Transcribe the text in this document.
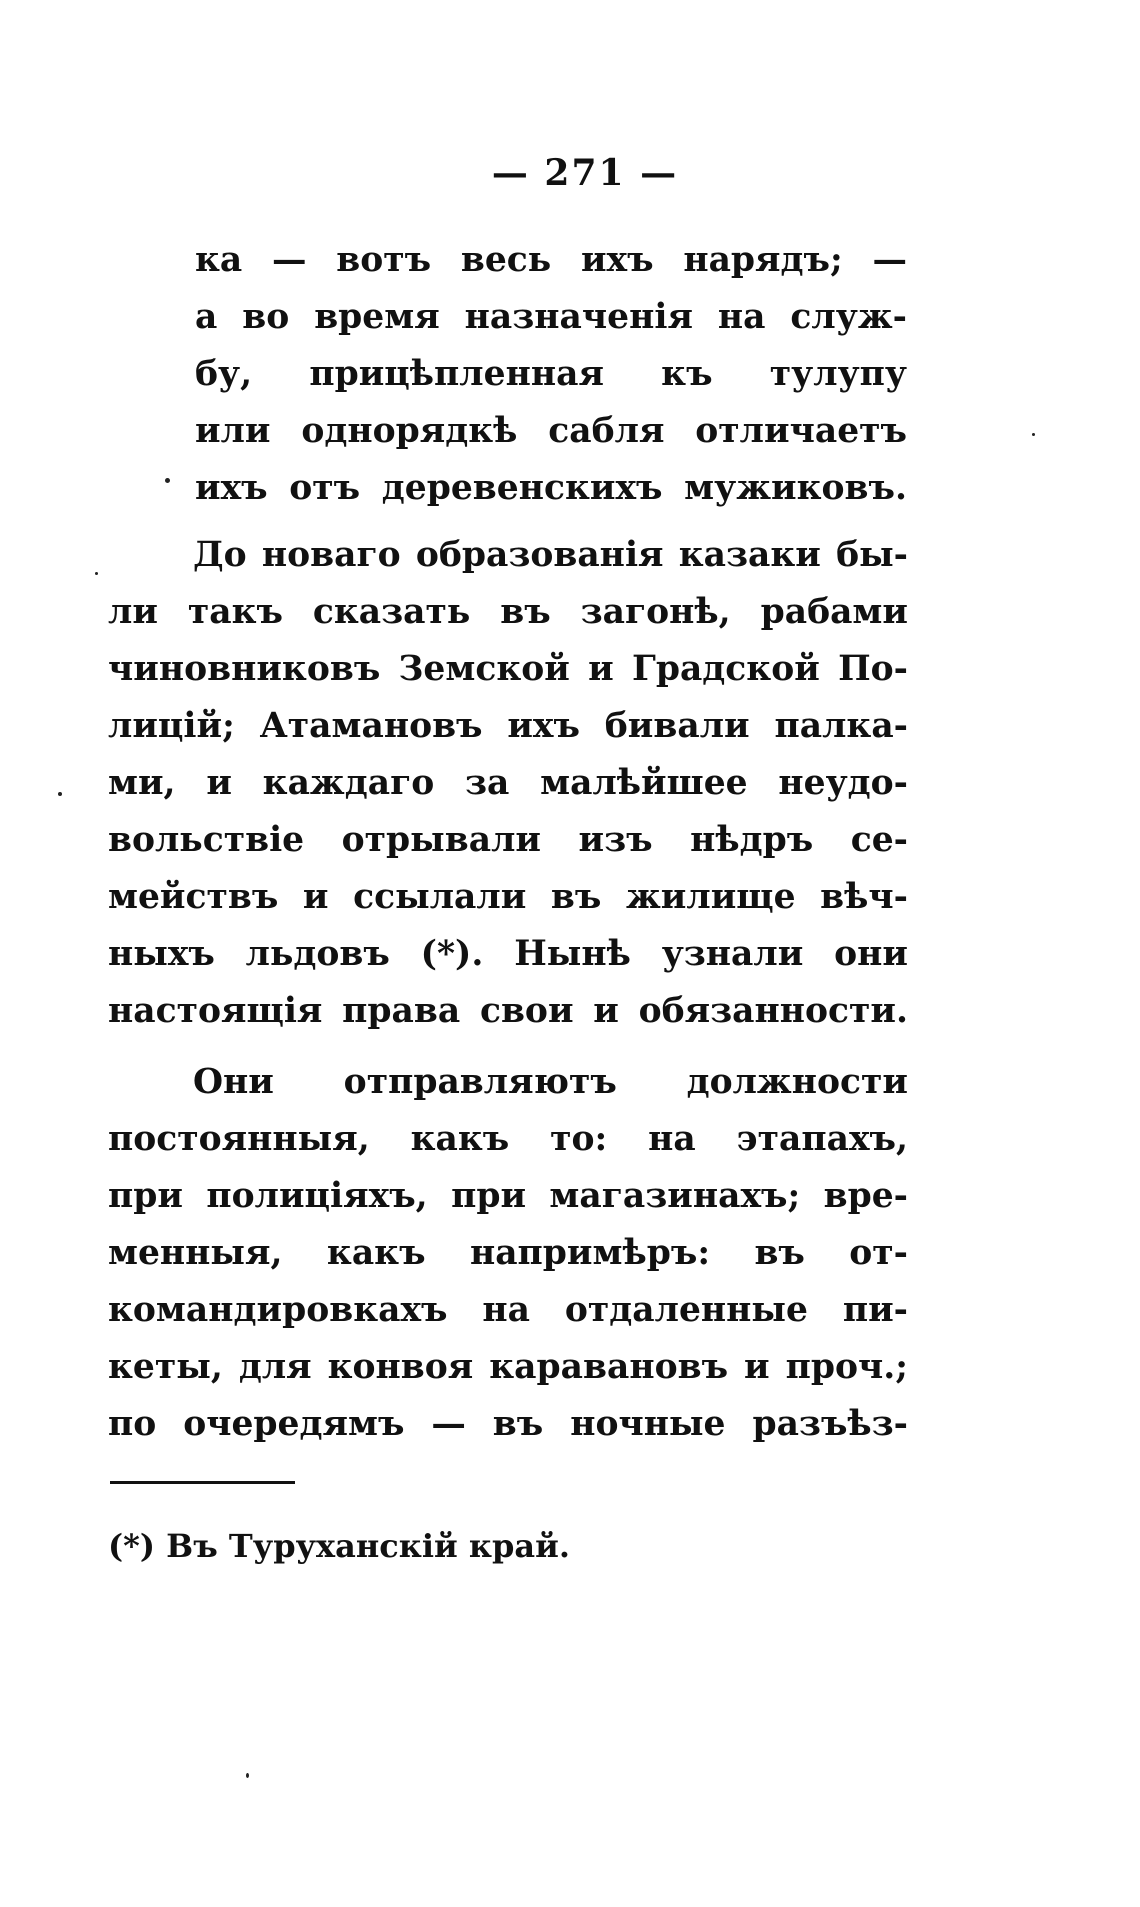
— 271 —
ка — вотъ весь ихъ нарядъ; —
а во время назначенія на служ-
бу, прицѣпленная къ тулупу
или однорядкѣ сабля отличаетъ
ихъ отъ деревенскихъ мужиковъ.
До новаго образованія казаки бы-
ли такъ сказать въ загонѣ, рабами
чиновниковъ Земской и Градской По-
лицій; Атамановъ ихъ бивали палка-
ми, и каждаго за малѣйшее неудо-
вольствіе отрывали изъ нѣдръ се-
мействъ и ссылали въ жилище вѣч-
ныхъ льдовъ (*). Нынѣ узнали они
настоящія права свои и обязанности.
Они отправляютъ должности
постоянныя, какъ то: на этапахъ,
при полиціяхъ, при магазинахъ; вре-
менныя, какъ напримѣръ: въ от-
командировкахъ на отдаленные пи-
кеты, для конвоя каравановъ и проч.;
по очередямъ — въ ночные разъѣз-
(*) Въ Туруханскій край.
